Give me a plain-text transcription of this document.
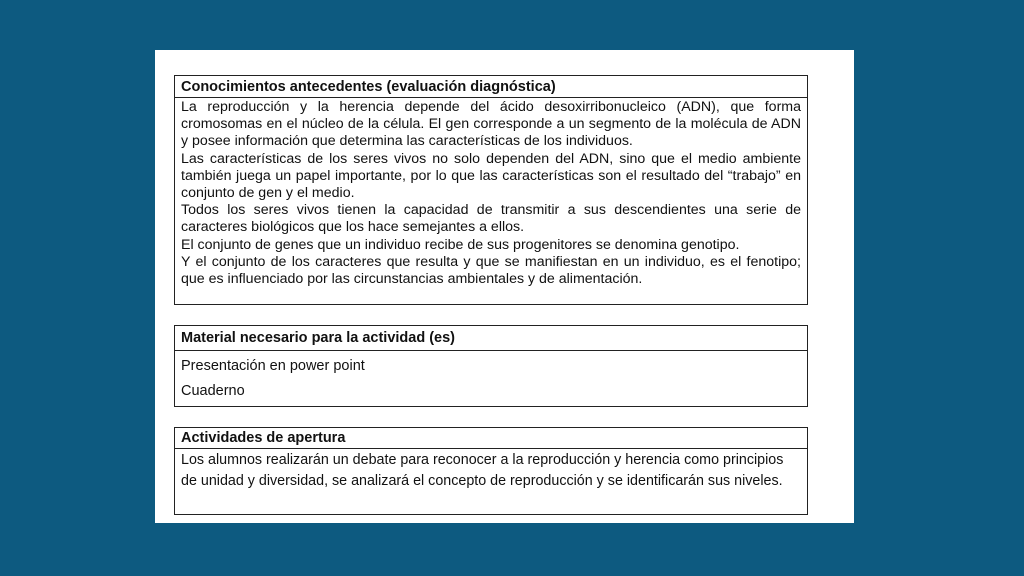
Conocimientos antecedentes (evaluación diagnóstica)

La reproducción y la herencia depende del ácido desoxirribonucleico (ADN), que forma cromosomas en el núcleo de la célula. El gen corresponde a un segmento de la molécula de ADN y posee información que determina las características de los individuos.

Las características de los seres vivos no solo dependen del ADN, sino que el medio ambiente también juega un papel importante, por lo que las características son el resultado del “trabajo” en conjunto de gen y el medio.

Todos los seres vivos tienen la capacidad de transmitir a sus descendientes una serie de caracteres biológicos que los hace semejantes a ellos.

El conjunto de genes que un individuo recibe de sus progenitores se denomina genotipo.

Y el conjunto de los caracteres que resulta y que se manifiestan en un individuo, es el fenotipo; que es influenciado por las circunstancias ambientales y de alimentación.

Material necesario para la actividad (es)
Presentación en power point
Cuaderno
Actividades de apertura

Los alumnos realizarán un debate para reconocer a la reproducción y herencia como principios de unidad y diversidad, se analizará el concepto de reproducción y se identificarán sus niveles.
